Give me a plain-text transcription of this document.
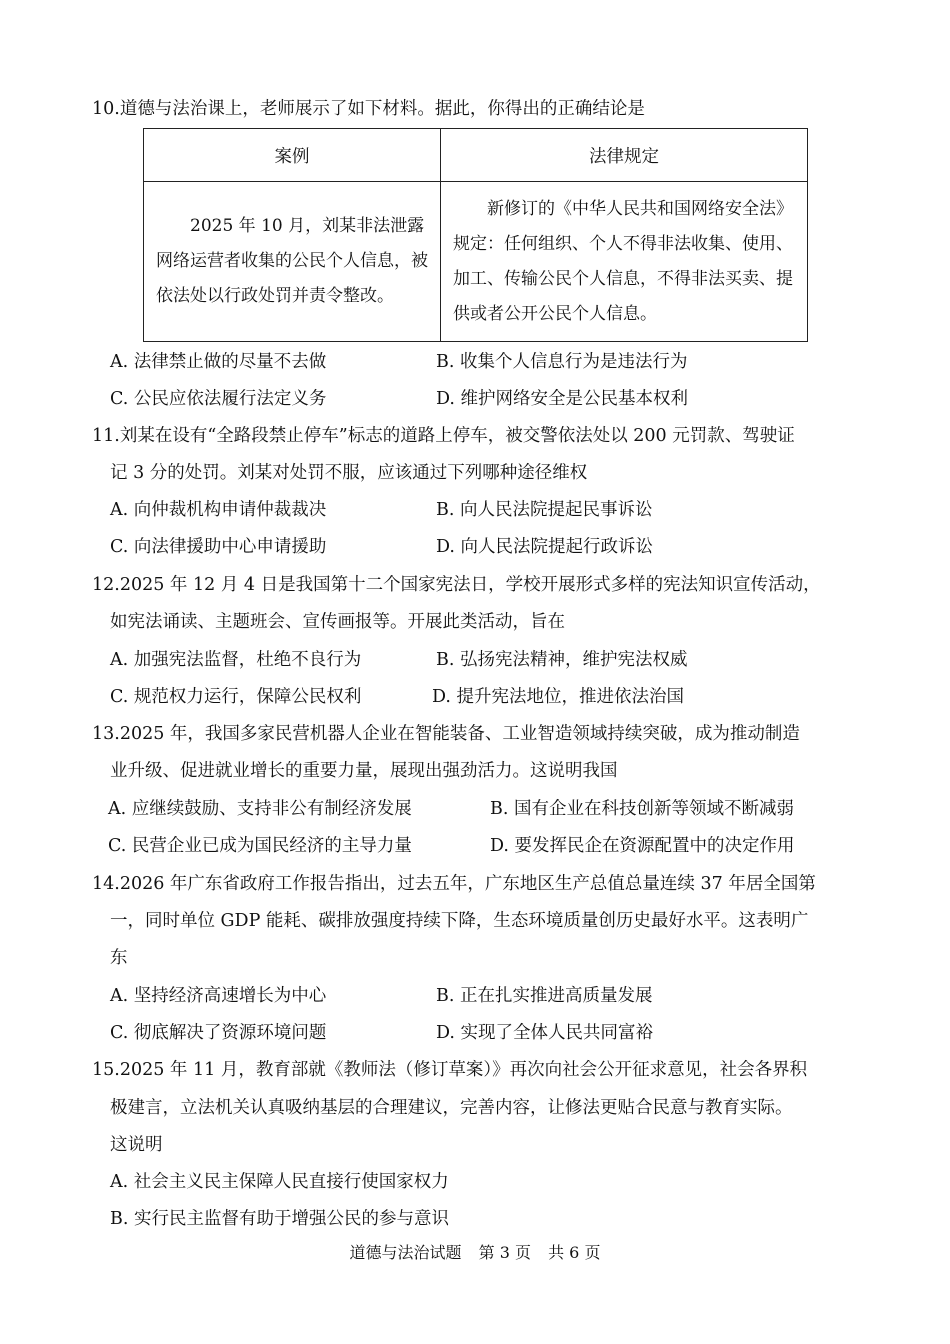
10.道德与法治课上，老师展示了如下材料。据此，你得出的正确结论是
案例	法律规定

2025 年 10 月，刘某非法泄露网络运营者收集的公民个人信息，被依法处以行政处罚并责令整改。	新修订的《中华人民共和国网络安全法》规定：任何组织、个人不得非法收集、使用、加工、传输公民个人信息，不得非法买卖、提供或者公开公民个人信息。
A. 法律禁止做的尽量不去做	B. 收集个人信息行为是违法行为
C. 公民应依法履行法定义务	D. 维护网络安全是公民基本权利
11.刘某在设有“全路段禁止停车”标志的道路上停车，被交警依法处以 200 元罚款、驾驶证
记 3 分的处罚。刘某对处罚不服，应该通过下列哪种途径维权
A. 向仲裁机构申请仲裁裁决	B. 向人民法院提起民事诉讼
C. 向法律援助中心申请援助	D. 向人民法院提起行政诉讼
12.2025 年 12 月 4 日是我国第十二个国家宪法日，学校开展形式多样的宪法知识宣传活动，
如宪法诵读、主题班会、宣传画报等。开展此类活动，旨在
A. 加强宪法监督，杜绝不良行为	B. 弘扬宪法精神，维护宪法权威
C. 规范权力运行，保障公民权利	D. 提升宪法地位，推进依法治国
13.2025 年，我国多家民营机器人企业在智能装备、工业智造领域持续突破，成为推动制造
业升级、促进就业增长的重要力量，展现出强劲活力。这说明我国
A. 应继续鼓励、支持非公有制经济发展	B. 国有企业在科技创新等领域不断减弱
C. 民营企业已成为国民经济的主导力量	D. 要发挥民企在资源配置中的决定作用
14.2026 年广东省政府工作报告指出，过去五年，广东地区生产总值总量连续 37 年居全国第
一，同时单位 GDP 能耗、碳排放强度持续下降，生态环境质量创历史最好水平。这表明广
东
A. 坚持经济高速增长为中心	B. 正在扎实推进高质量发展
C. 彻底解决了资源环境问题	D. 实现了全体人民共同富裕
15.2025 年 11 月，教育部就《教师法（修订草案）》再次向社会公开征求意见，社会各界积
极建言，立法机关认真吸纳基层的合理建议，完善内容，让修法更贴合民意与教育实际。
这说明
A. 社会主义民主保障人民直接行使国家权力
B. 实行民主监督有助于增强公民的参与意识
道德与法治试题 第 3 页 共 6 页
